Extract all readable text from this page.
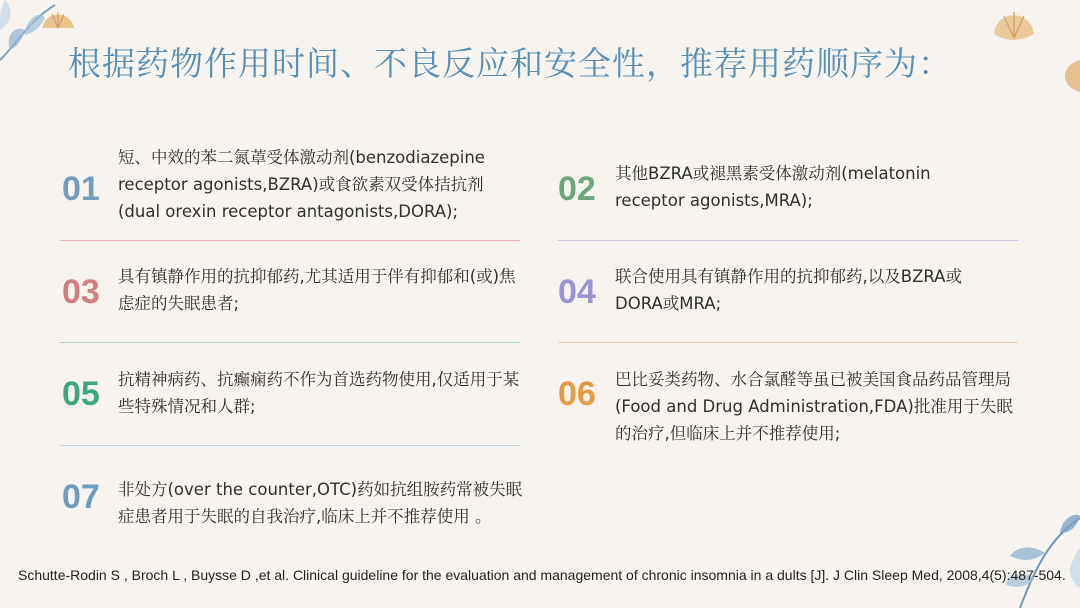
根据药物作用时间、不良反应和安全性，推荐用药顺序为：
01
短、中效的苯二氮䓬受体激动剂(benzodiazepine receptor agonists,BZRA)或食欲素双受体拮抗剂(dual orexin receptor antagonists,DORA);
02	其他BZRA或褪黑素受体激动剂(melatonin receptor agonists,MRA);
03	具有镇静作用的抗抑郁药,尤其适用于伴有抑郁和(或)焦虑症的失眠患者;	04	联合使用具有镇静作用的抗抑郁药,以及BZRA或DORA或MRA;
05	抗精神病药、抗癫痫药不作为首选药物使用,仅适用于某些特殊情况和人群;	06	巴比妥类药物、水合氯醛等虽已被美国食品药品管理局(Food and Drug Administration,FDA)批准用于失眠的治疗,但临床上并不推荐使用;
07	非处方(over the counter,OTC)药如抗组胺药常被失眠症患者用于失眠的自我治疗,临床上并不推荐使用 。
Schutte-Rodin S , Broch L , Buysse D ,et al. Clinical guideline for the evaluation and management of chronic insomnia in a dults [J]. J Clin Sleep Med, 2008,4(5):487-504.
